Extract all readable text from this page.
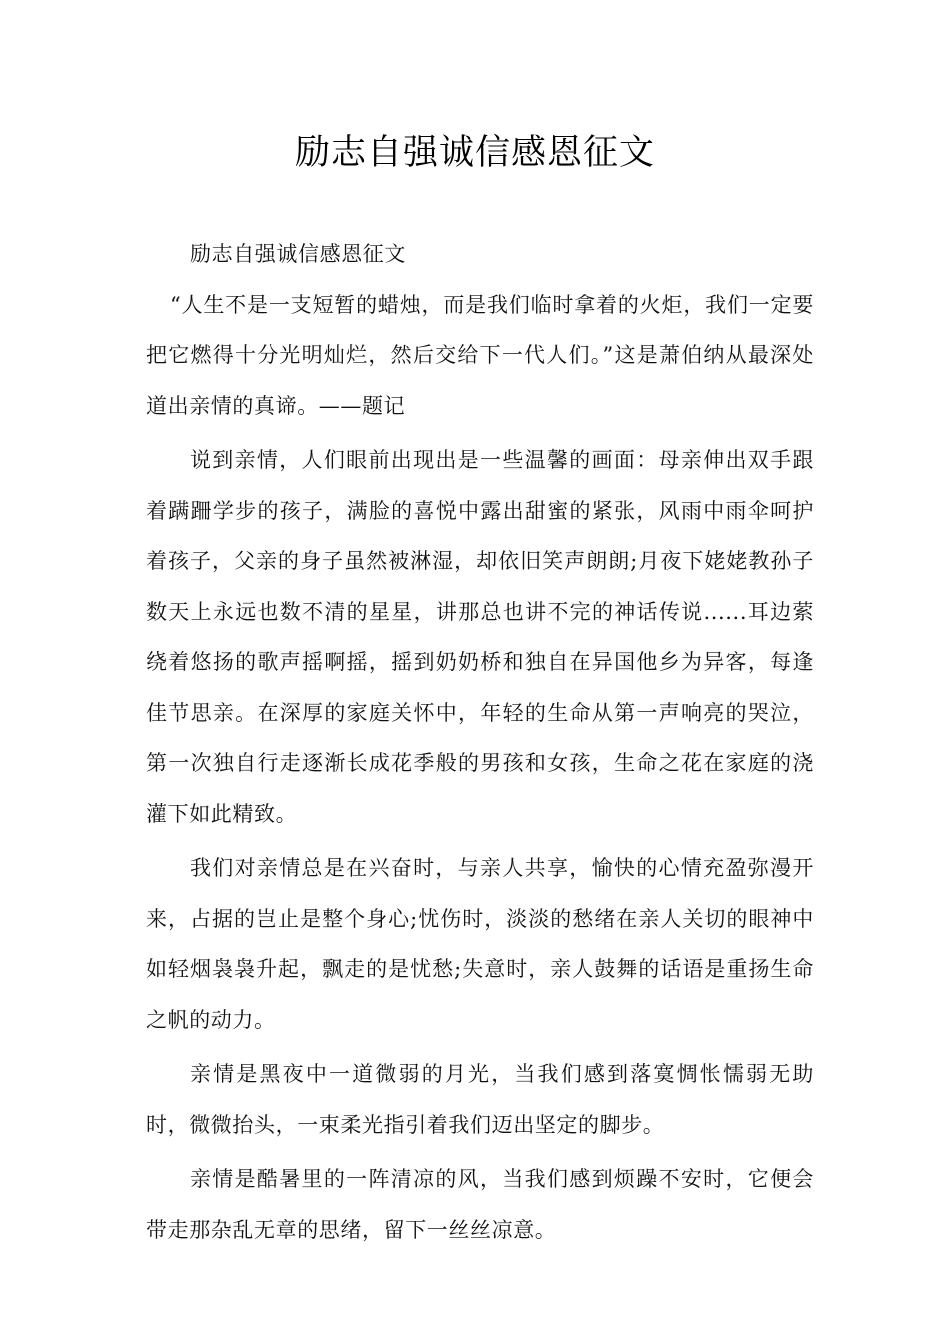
励志自强诚信感恩征文

励志自强诚信感恩征文

“人生不是一支短暂的蜡烛，而是我们临时拿着的火炬，我们一定要把它燃得十分光明灿烂，然后交给下一代人们。”这是萧伯纳从最深处道出亲情的真谛。——题记

说到亲情，人们眼前出现出是一些温馨的画面：母亲伸出双手跟着蹒跚学步的孩子，满脸的喜悦中露出甜蜜的紧张，风雨中雨伞呵护着孩子，父亲的身子虽然被淋湿，却依旧笑声朗朗;月夜下姥姥教孙子数天上永远也数不清的星星，讲那总也讲不完的神话传说......耳边萦绕着悠扬的歌声摇啊摇，摇到奶奶桥和独自在异国他乡为异客，每逢佳节思亲。在深厚的家庭关怀中，年轻的生命从第一声响亮的哭泣，第一次独自行走逐渐长成花季般的男孩和女孩，生命之花在家庭的浇灌下如此精致。

我们对亲情总是在兴奋时，与亲人共享，愉快的心情充盈弥漫开来，占据的岂止是整个身心;忧伤时，淡淡的愁绪在亲人关切的眼神中如轻烟袅袅升起，飘走的是忧愁;失意时，亲人鼓舞的话语是重扬生命之帆的动力。

亲情是黑夜中一道微弱的月光，当我们感到落寞惆怅懦弱无助时，微微抬头，一束柔光指引着我们迈出坚定的脚步。

亲情是酷暑里的一阵清凉的风，当我们感到烦躁不安时，它便会带走那杂乱无章的思绪，留下一丝丝凉意。
